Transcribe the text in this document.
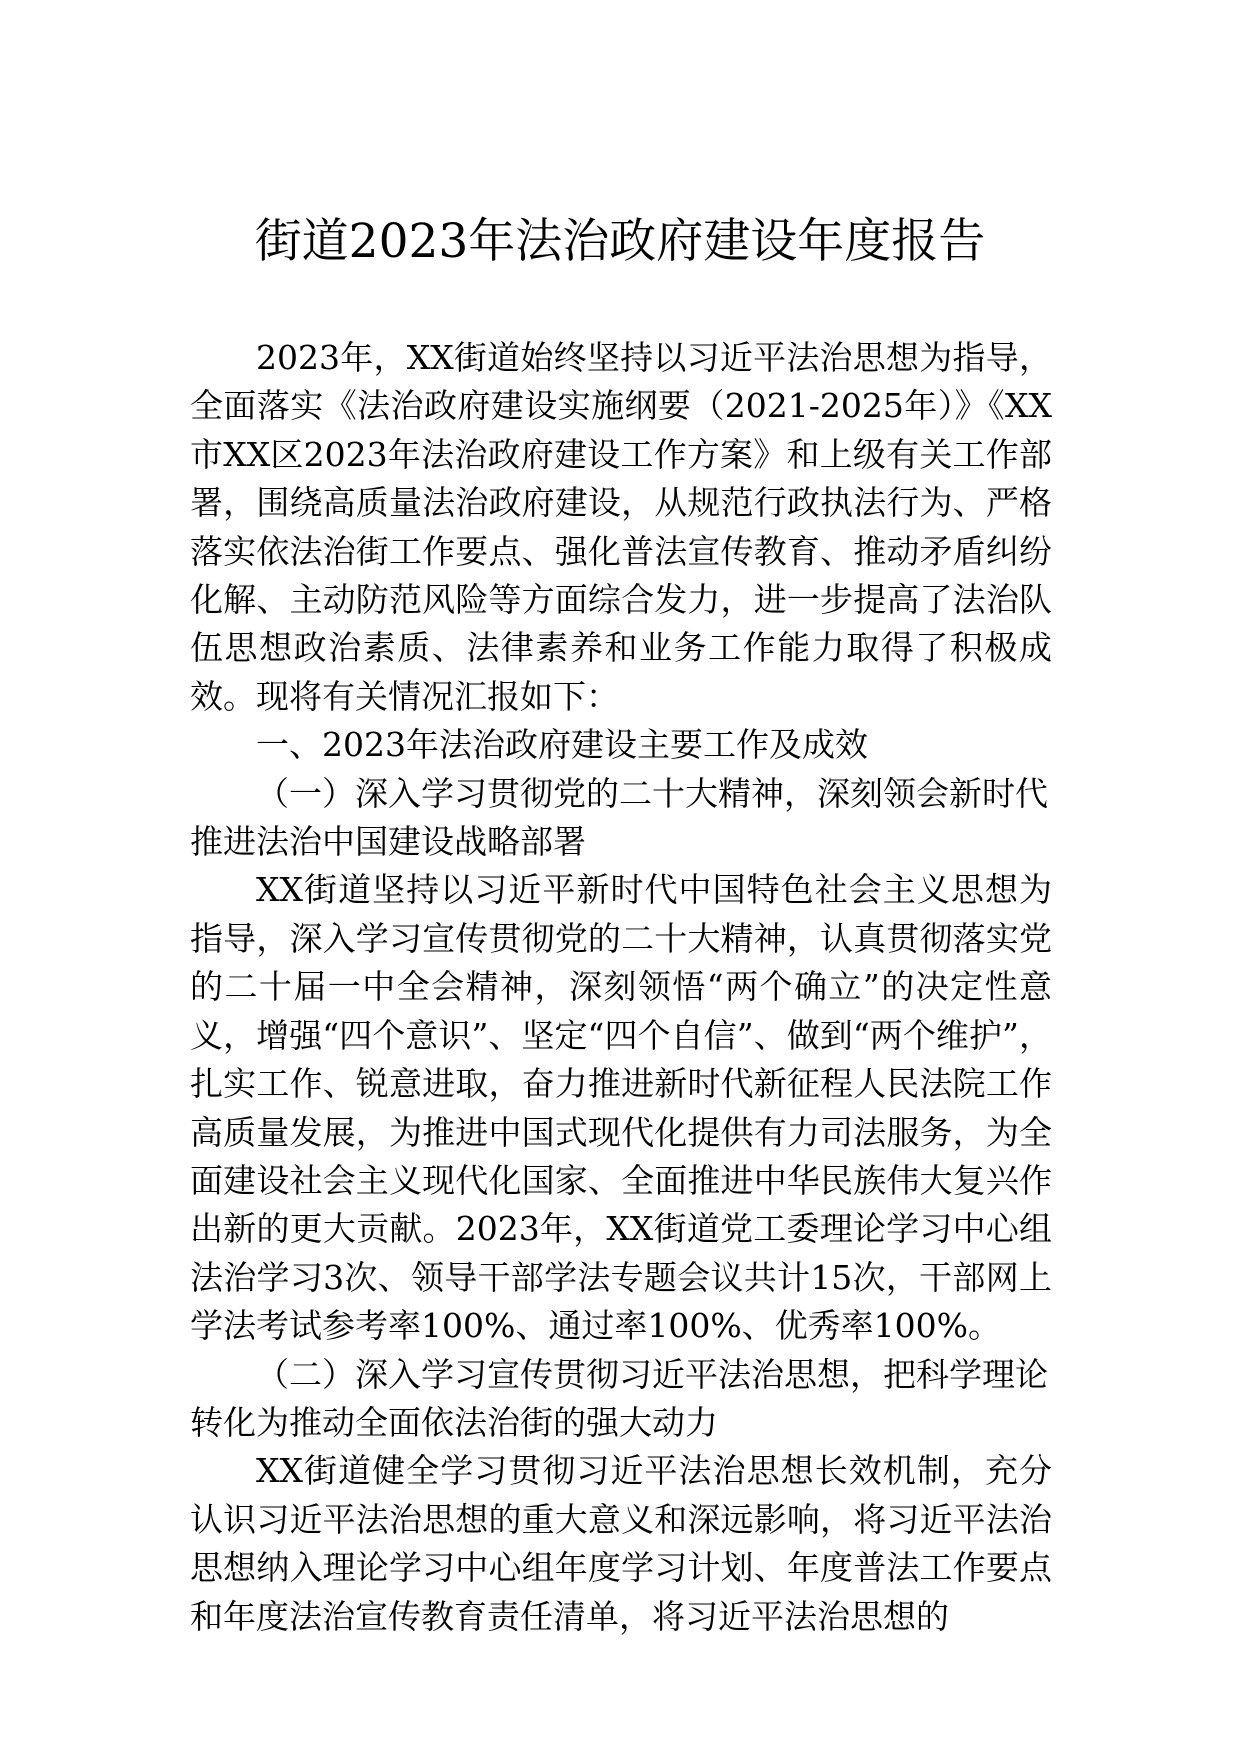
街道2023年法治政府建设年度报告

2023年，XX街道始终坚持以习近平法治思想为指导，全面落实《法治政府建设实施纲要（2021-2025年）》《XX市XX区2023年法治政府建设工作方案》和上级有关工作部署，围绕高质量法治政府建设，从规范行政执法行为、严格落实依法治街工作要点、强化普法宣传教育、推动矛盾纠纷化解、主动防范风险等方面综合发力，进一步提高了法治队伍思想政治素质、法律素养和业务工作能力取得了积极成效。现将有关情况汇报如下：

一、2023年法治政府建设主要工作及成效

（一）深入学习贯彻党的二十大精神，深刻领会新时代推进法治中国建设战略部署

XX街道坚持以习近平新时代中国特色社会主义思想为指导，深入学习宣传贯彻党的二十大精神，认真贯彻落实党的二十届一中全会精神，深刻领悟“两个确立”的决定性意义，增强“四个意识”、坚定“四个自信”、做到“两个维护”，扎实工作、锐意进取，奋力推进新时代新征程人民法院工作高质量发展，为推进中国式现代化提供有力司法服务，为全面建设社会主义现代化国家、全面推进中华民族伟大复兴作出新的更大贡献。2023年，XX街道党工委理论学习中心组法治学习3次、领导干部学法专题会议共计15次，干部网上学法考试参考率100%、通过率100%、优秀率100%。

（二）深入学习宣传贯彻习近平法治思想，把科学理论转化为推动全面依法治街的强大动力

XX街道健全学习贯彻习近平法治思想长效机制，充分认识习近平法治思想的重大意义和深远影响，将习近平法治思想纳入理论学习中心组年度学习计划、年度普法工作要点和年度法治宣传教育责任清单，将习近平法治思想的
